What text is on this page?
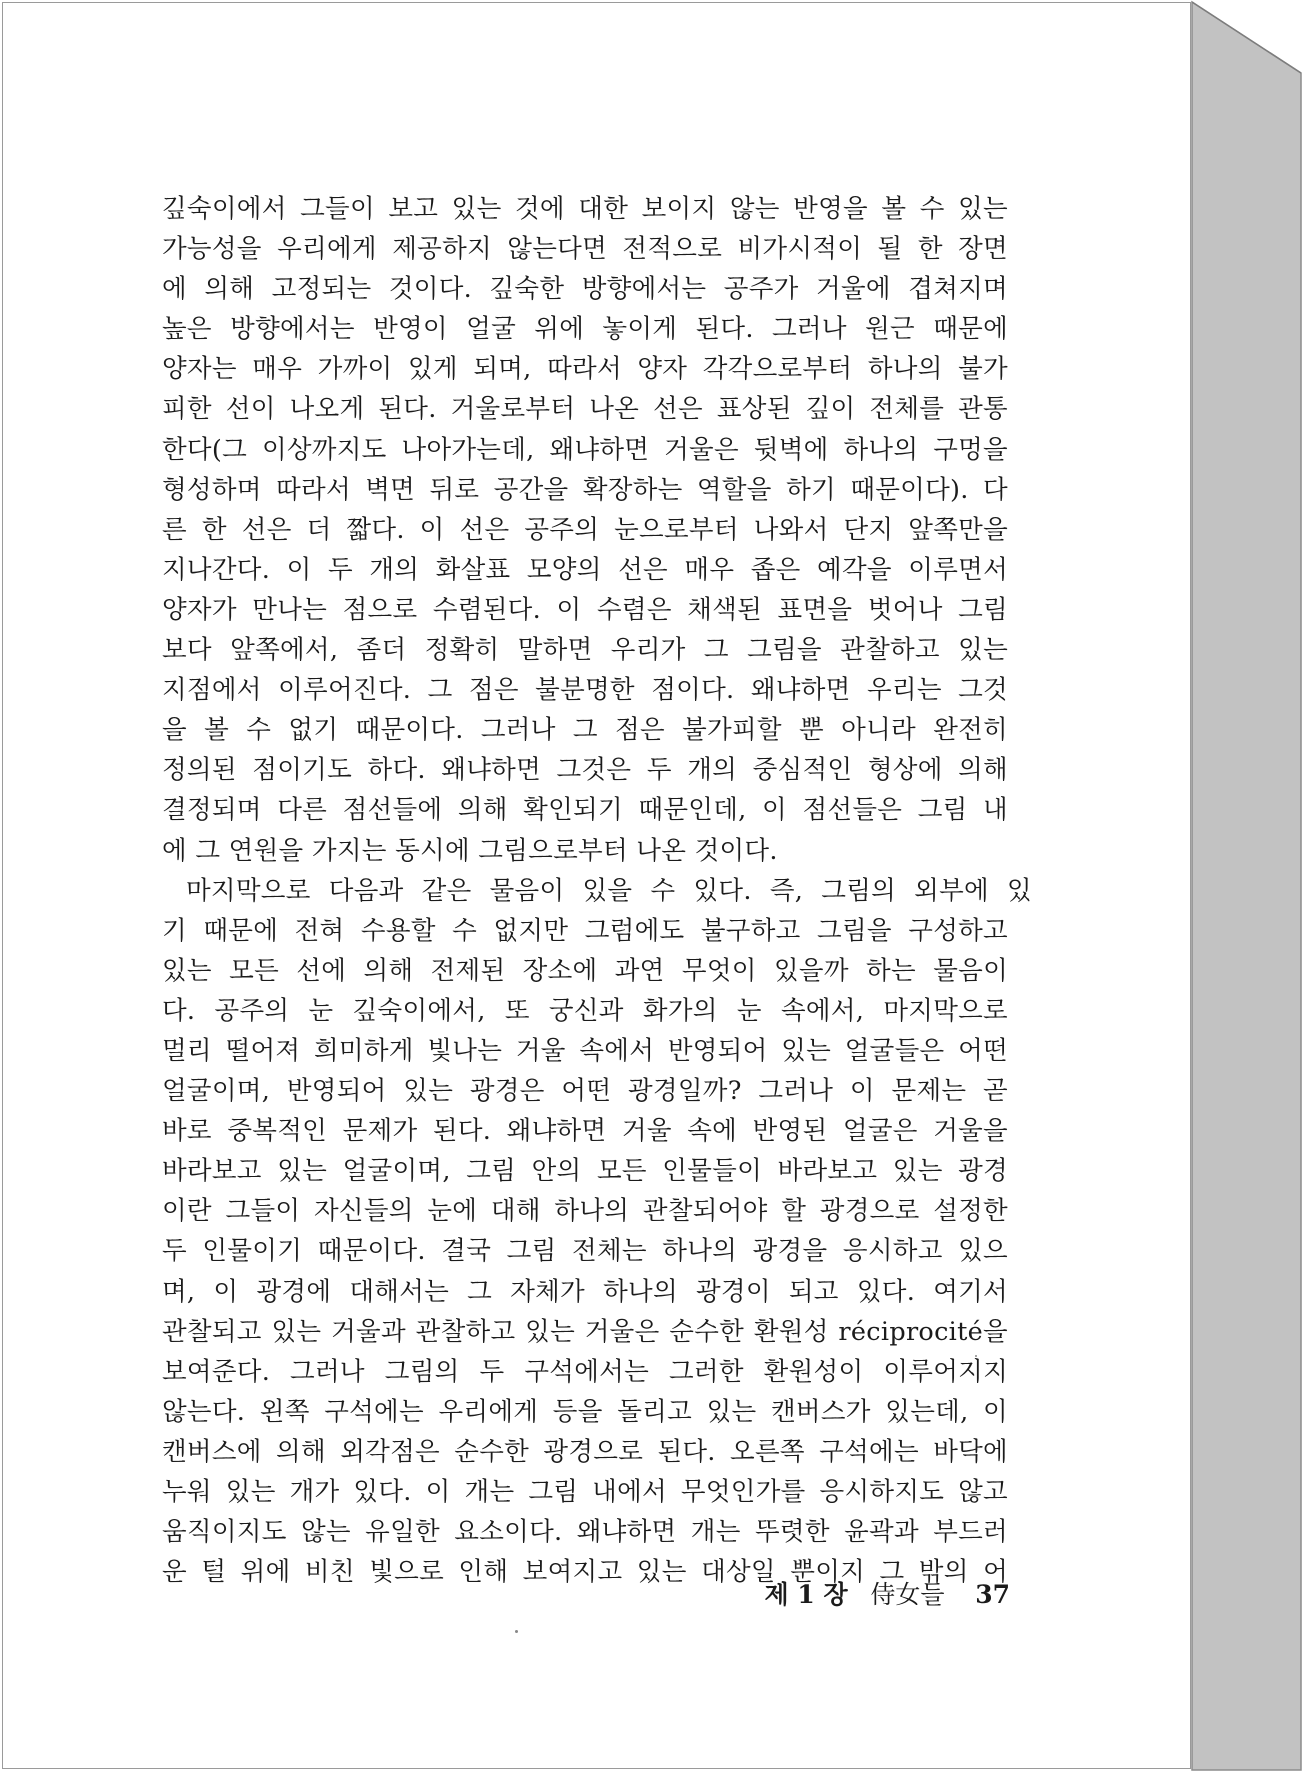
깊숙이에서 그들이 보고 있는 것에 대한 보이지 않는 반영을 볼 수 있는
가능성을 우리에게 제공하지 않는다면 전적으로 비가시적이 될 한 장면
에 의해 고정되는 것이다. 깊숙한 방향에서는 공주가 거울에 겹쳐지며
높은 방향에서는 반영이 얼굴 위에 놓이게 된다. 그러나 원근 때문에
양자는 매우 가까이 있게 되며, 따라서 양자 각각으로부터 하나의 불가
피한 선이 나오게 된다. 거울로부터 나온 선은 표상된 깊이 전체를 관통
한다(그 이상까지도 나아가는데, 왜냐하면 거울은 뒷벽에 하나의 구멍을
형성하며 따라서 벽면 뒤로 공간을 확장하는 역할을 하기 때문이다). 다
른 한 선은 더 짧다. 이 선은 공주의 눈으로부터 나와서 단지 앞쪽만을
지나간다. 이 두 개의 화살표 모양의 선은 매우 좁은 예각을 이루면서
양자가 만나는 점으로 수렴된다. 이 수렴은 채색된 표면을 벗어나 그림
보다 앞쪽에서, 좀더 정확히 말하면 우리가 그 그림을 관찰하고 있는
지점에서 이루어진다. 그 점은 불분명한 점이다. 왜냐하면 우리는 그것
을 볼 수 없기 때문이다. 그러나 그 점은 불가피할 뿐 아니라 완전히
정의된 점이기도 하다. 왜냐하면 그것은 두 개의 중심적인 형상에 의해
결정되며 다른 점선들에 의해 확인되기 때문인데, 이 점선들은 그림 내
에 그 연원을 가지는 동시에 그림으로부터 나온 것이다.
마지막으로 다음과 같은 물음이 있을 수 있다. 즉, 그림의 외부에 있
기 때문에 전혀 수용할 수 없지만 그럼에도 불구하고 그림을 구성하고
있는 모든 선에 의해 전제된 장소에 과연 무엇이 있을까 하는 물음이
다. 공주의 눈 깊숙이에서, 또 궁신과 화가의 눈 속에서, 마지막으로
멀리 떨어져 희미하게 빛나는 거울 속에서 반영되어 있는 얼굴들은 어떤
얼굴이며, 반영되어 있는 광경은 어떤 광경일까? 그러나 이 문제는 곧
바로 중복적인 문제가 된다. 왜냐하면 거울 속에 반영된 얼굴은 거울을
바라보고 있는 얼굴이며, 그림 안의 모든 인물들이 바라보고 있는 광경
이란 그들이 자신들의 눈에 대해 하나의 관찰되어야 할 광경으로 설정한
두 인물이기 때문이다. 결국 그림 전체는 하나의 광경을 응시하고 있으
며, 이 광경에 대해서는 그 자체가 하나의 광경이 되고 있다. 여기서
관찰되고 있는 거울과 관찰하고 있는 거울은 순수한 환원성 réciprocité을
보여준다. 그러나 그림의 두 구석에서는 그러한 환원성이 이루어지지
않는다. 왼쪽 구석에는 우리에게 등을 돌리고 있는 캔버스가 있는데, 이
캔버스에 의해 외각점은 순수한 광경으로 된다. 오른쪽 구석에는 바닥에
누워 있는 개가 있다. 이 개는 그림 내에서 무엇인가를 응시하지도 않고
움직이지도 않는 유일한 요소이다. 왜냐하면 개는 뚜렷한 윤곽과 부드러
운 털 위에 비친 빛으로 인해 보여지고 있는 대상일 뿐이지 그 밖의 어
제 1 장 侍女들 37
